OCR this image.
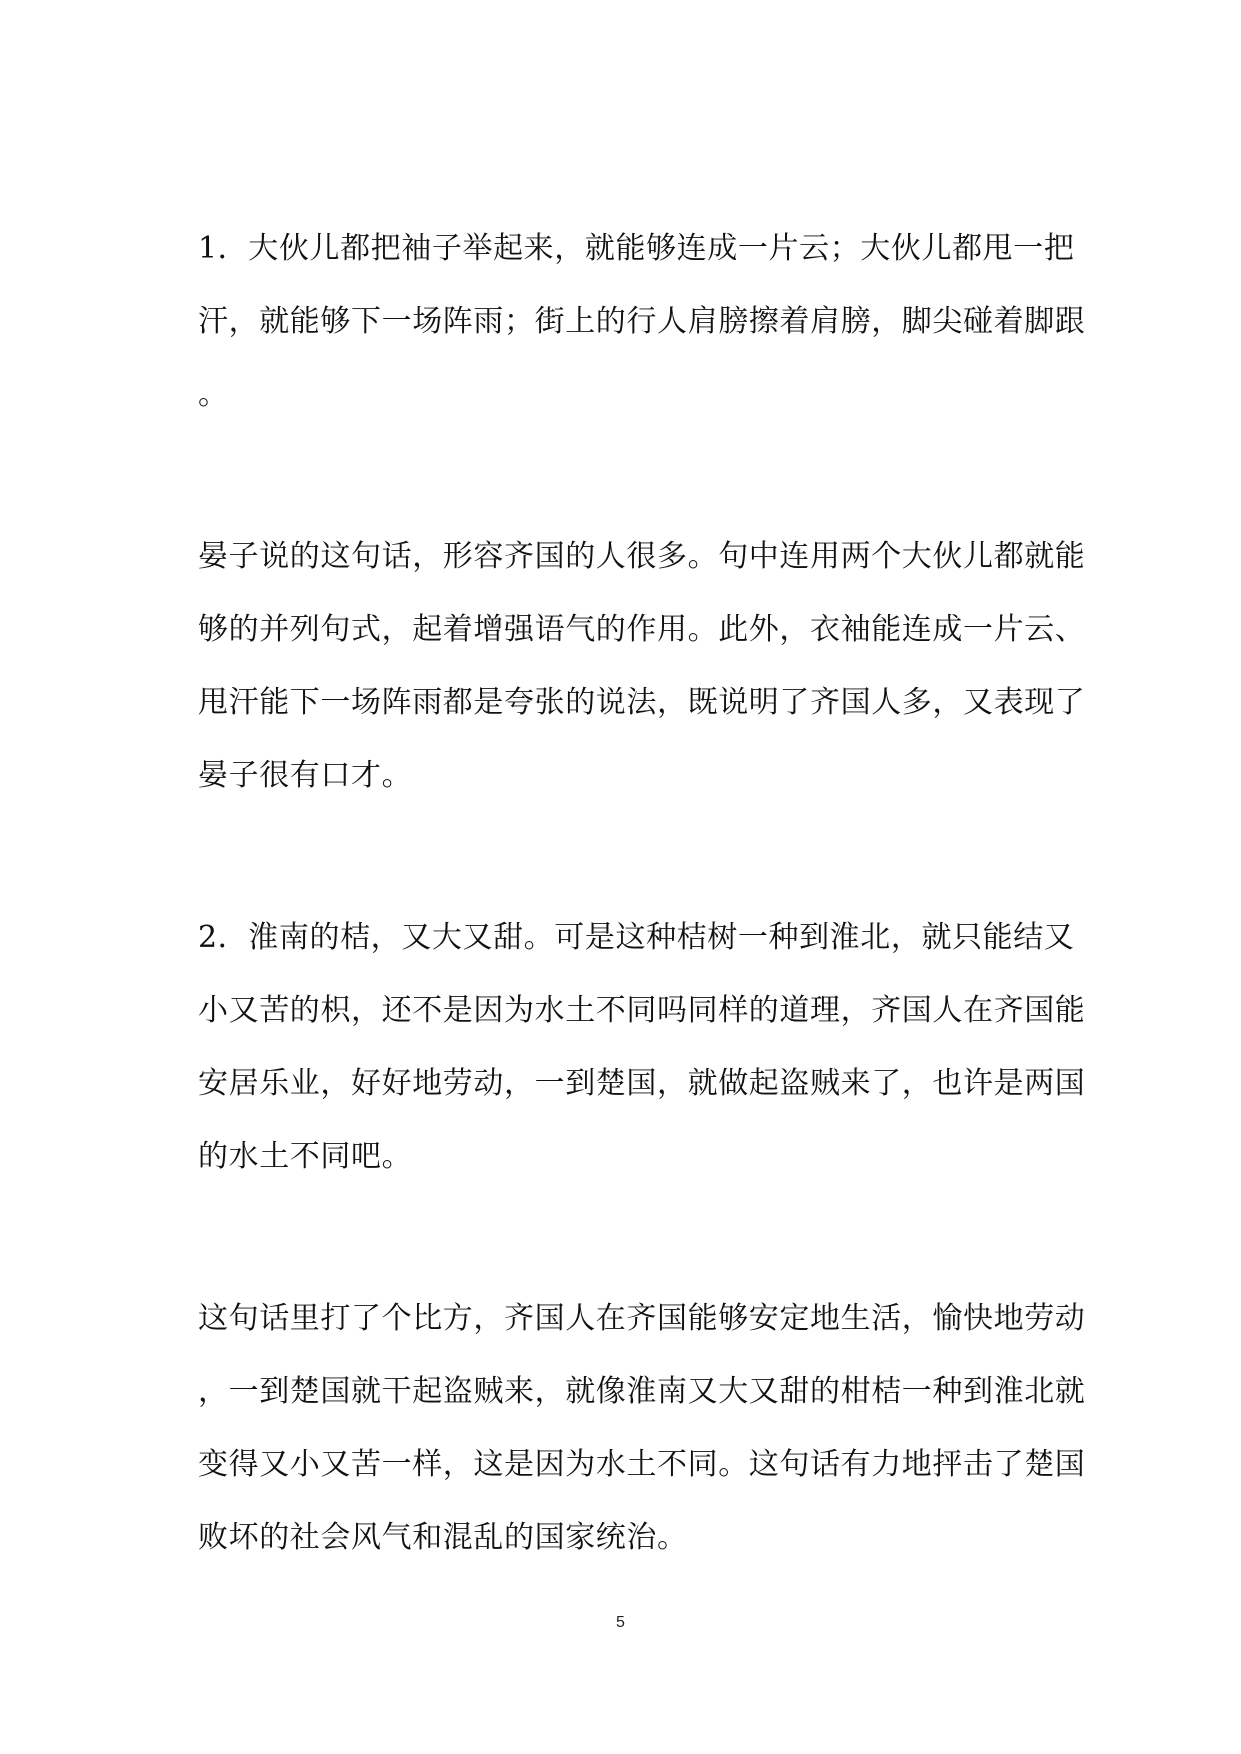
1．大伙儿都把袖子举起来，就能够连成一片云；大伙儿都甩一把
汗，就能够下一场阵雨；街上的行人肩膀擦着肩膀，脚尖碰着脚跟
。
晏子说的这句话，形容齐国的人很多。句中连用两个大伙儿都就能
够的并列句式，起着增强语气的作用。此外，衣袖能连成一片云、
甩汗能下一场阵雨都是夸张的说法，既说明了齐国人多，又表现了
晏子很有口才。
2．淮南的桔，又大又甜。可是这种桔树一种到淮北，就只能结又
小又苦的枳，还不是因为水土不同吗同样的道理，齐国人在齐国能
安居乐业，好好地劳动，一到楚国，就做起盗贼来了，也许是两国
的水土不同吧。
这句话里打了个比方，齐国人在齐国能够安定地生活，愉快地劳动
，一到楚国就干起盗贼来，就像淮南又大又甜的柑桔一种到淮北就
变得又小又苦一样，这是因为水土不同。这句话有力地抨击了楚国
败坏的社会风气和混乱的国家统治。
5
